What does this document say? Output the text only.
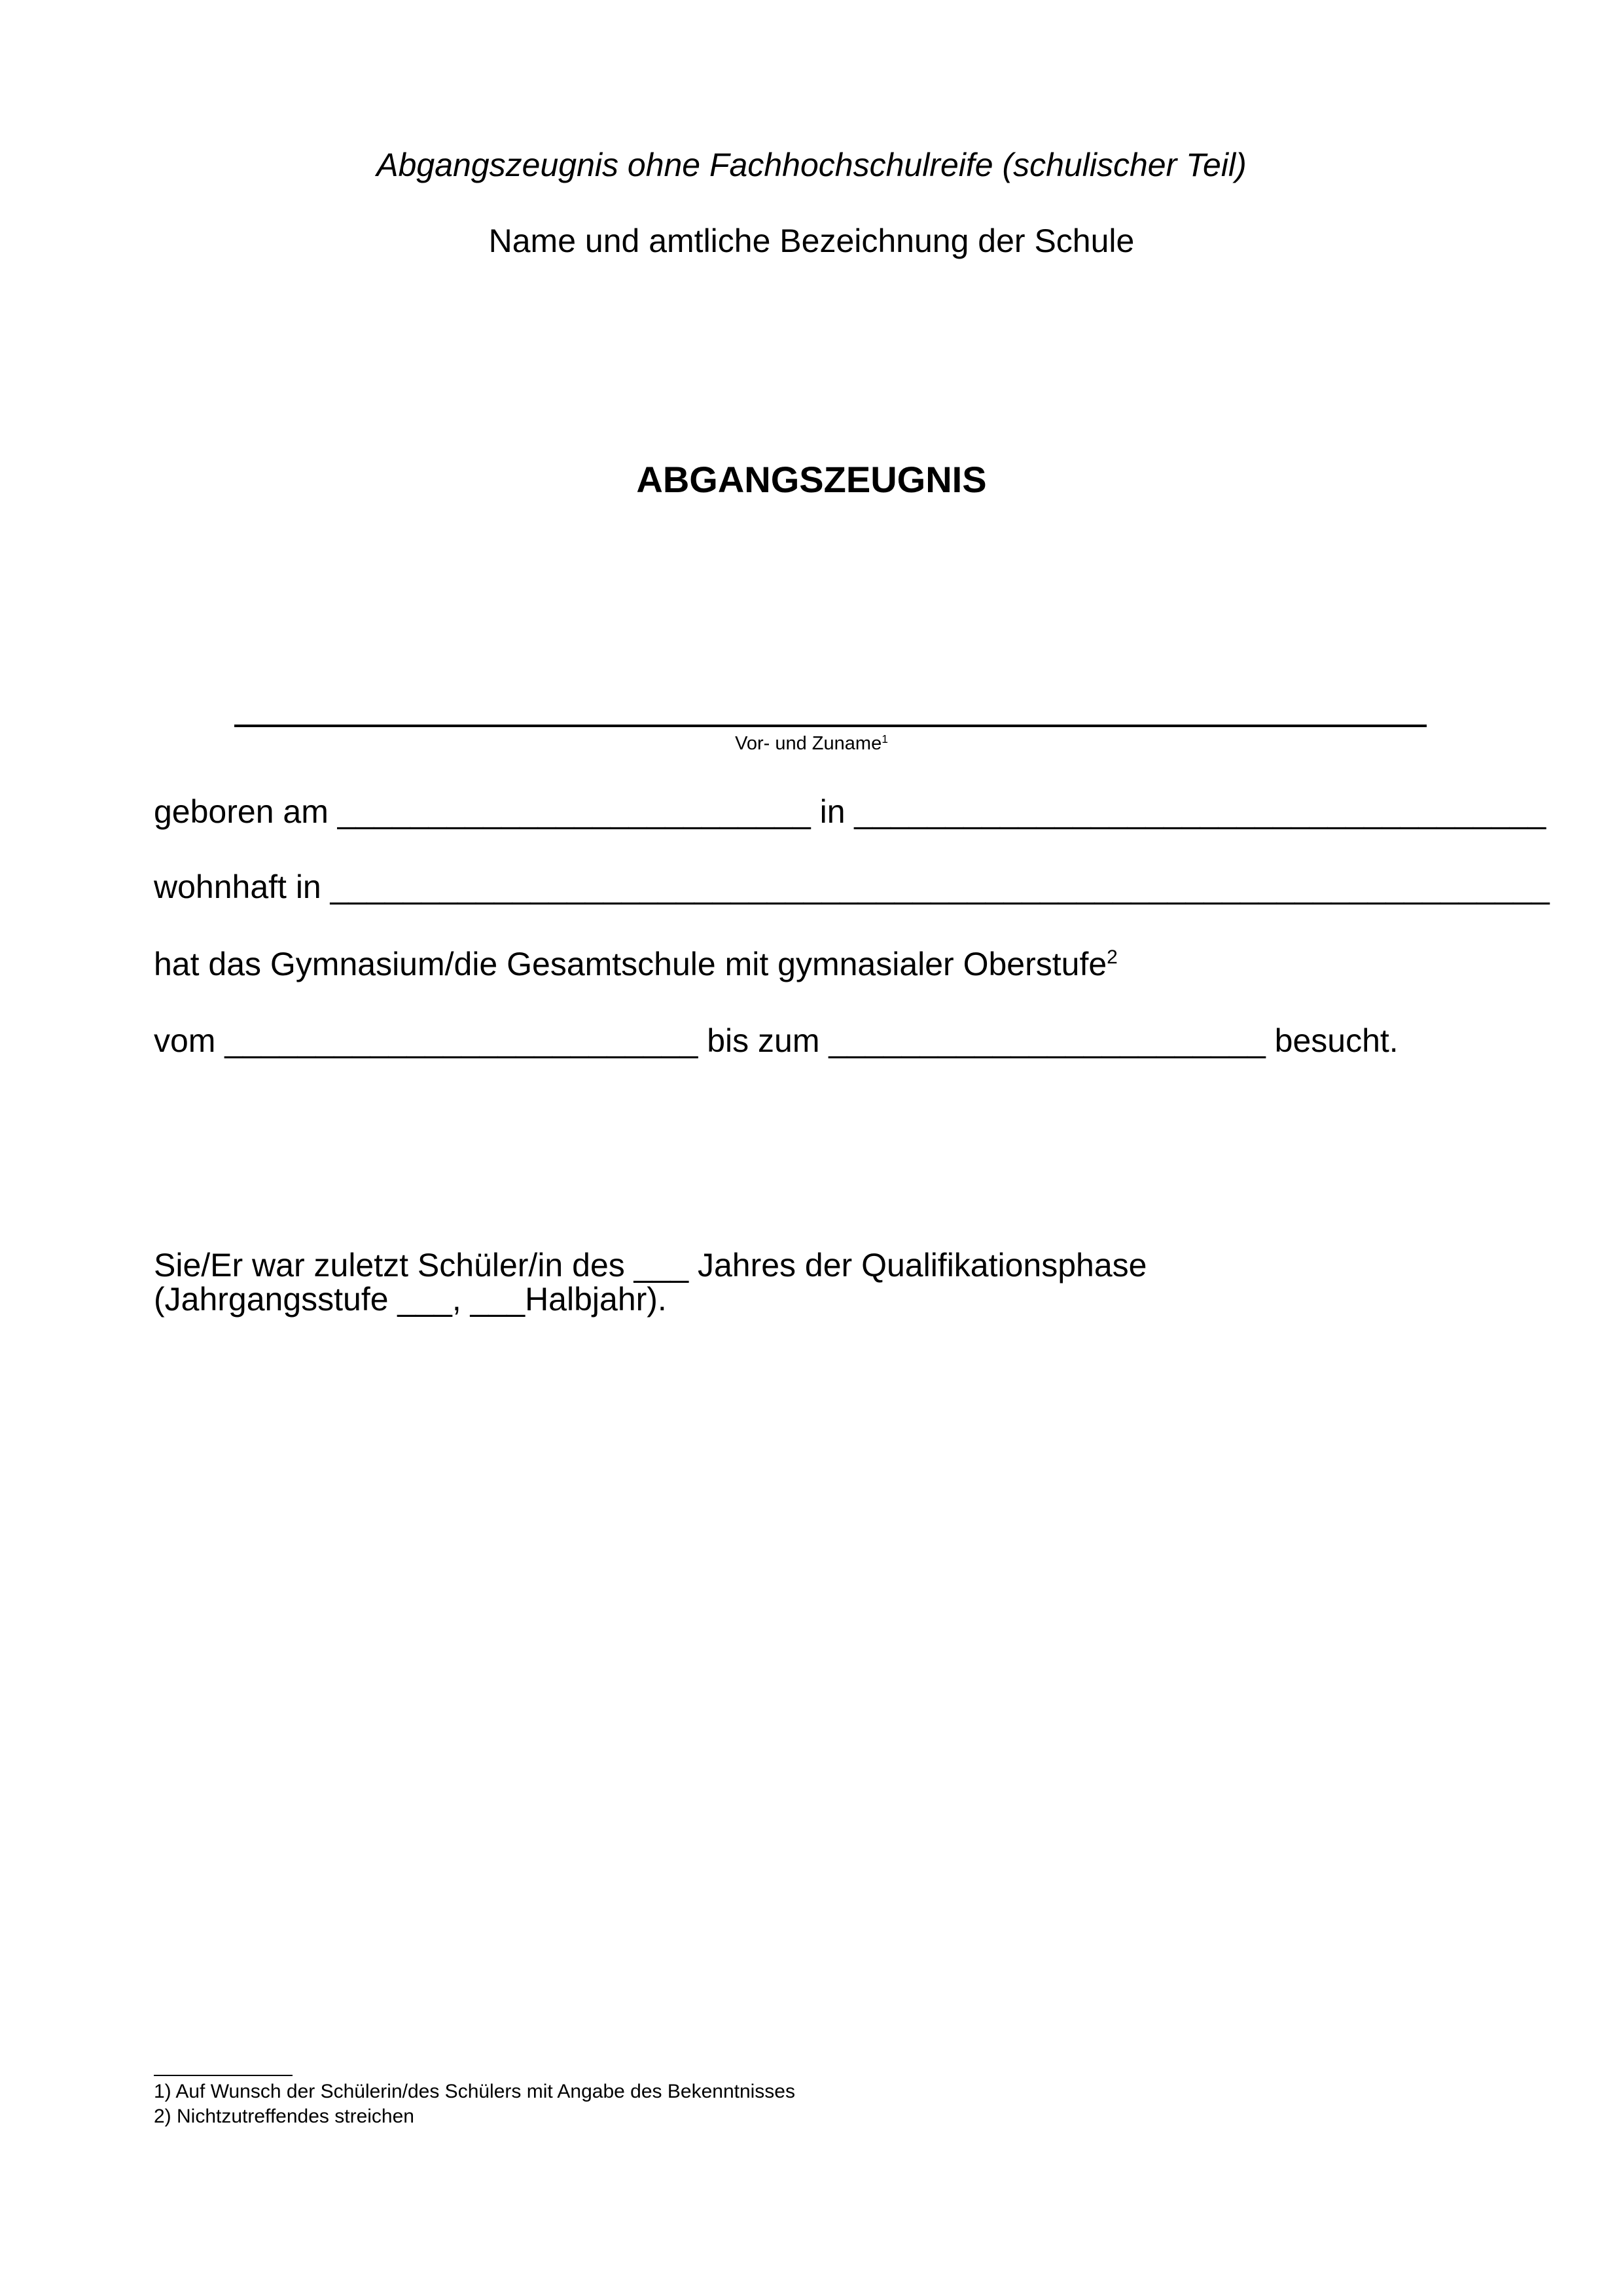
Abgangszeugnis ohne Fachhochschulreife (schulischer Teil)
Name und amtliche Bezeichnung der Schule
ABGANGSZEUGNIS
Vor- und Zuname$^1$
geboren am __________________________ in ______________________________________
wohnhaft in ___________________________________________________________________
hat das Gymnasium/die Gesamtschule mit gymnasialer Oberstufe$^2$
vom __________________________ bis zum ________________________ besucht.
Sie/Er war zuletzt Schüler/in des ___ Jahres der Qualifikationsphase
(Jahrgangsstufe ___, ___Halbjahr).
1) Auf Wunsch der Schülerin/des Schülers mit Angabe des Bekenntnisses
2) Nichtzutreffendes streichen
